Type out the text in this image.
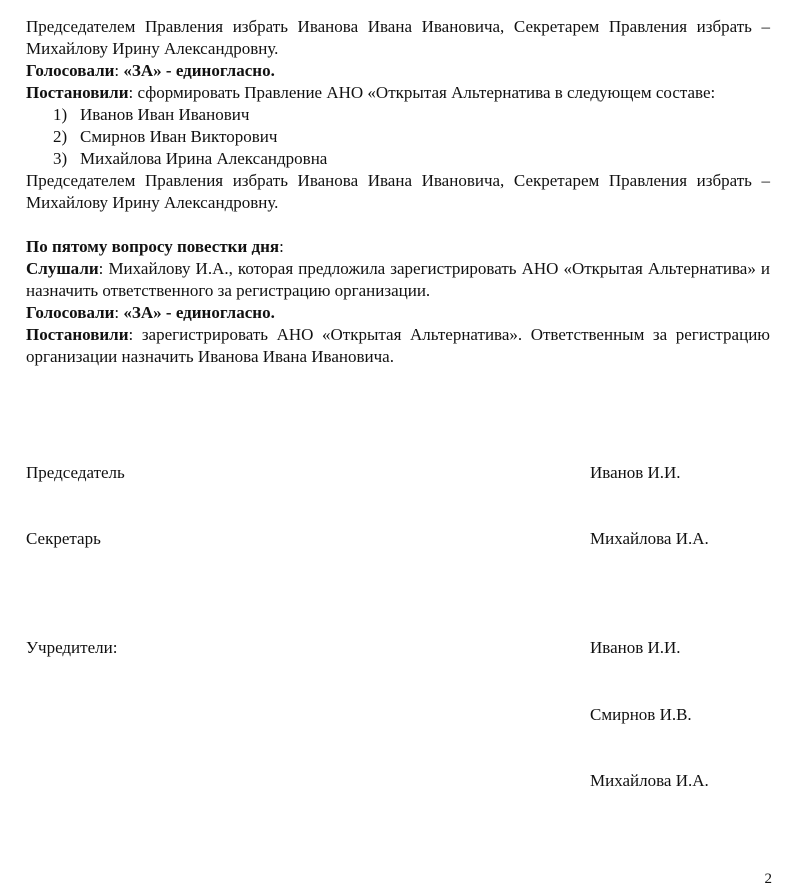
Председателем Правления избрать Иванова Ивана Ивановича, Секретарем Правления избрать – Михайлову Ирину Александровну.

Голосовали: «ЗА» - единогласно.

Постановили: сформировать Правление АНО «Открытая Альтернатива в следующем составе:

1) Иванов Иван Иванович
2) Смирнов Иван Викторович
3) Михайлова Ирина Александровна

Председателем Правления избрать Иванова Ивана Ивановича, Секретарем Правления избрать – Михайлову Ирину Александровну.

По пятому вопросу повестки дня:

Слушали: Михайлову И.А., которая предложила зарегистрировать АНО «Открытая Альтернатива» и назначить ответственного за регистрацию организации.

Голосовали: «ЗА» - единогласно.

Постановили: зарегистрировать АНО «Открытая Альтернатива». Ответственным за регистрацию организации назначить Иванова Ивана Ивановича.

Председатель	Иванов И.И.
Секретарь	Михайлова И.А.
Учредители:	Иванов И.И.
Смирнов И.В.
Михайлова И.А.
2
